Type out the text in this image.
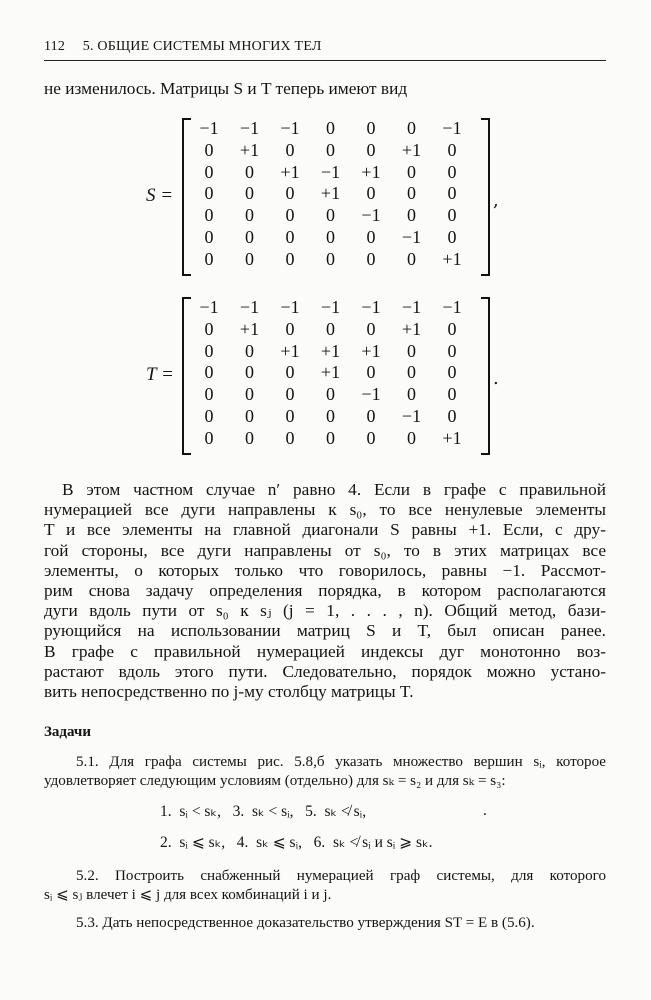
112 5. ОБЩИЕ СИСТЕМЫ МНОГИХ ТЕЛ
не изменилось. Матрицы S и T теперь имеют вид
S =
−1	−1	−1	0	0	0	−1
0	+1	0	0	0	+1	0
0	0	+1	−1	+1	0	0
0	0	0	+1	0	0	0
0	0	0	0	−1	0	0
0	0	0	0	0	−1	0
0	0	0	0	0	0	+1
,
T =
−1	−1	−1	−1	−1	−1	−1
0	+1	0	0	0	+1	0
0	0	+1	+1	+1	0	0
0	0	0	+1	0	0	0
0	0	0	0	−1	0	0
0	0	0	0	0	−1	0
0	0	0	0	0	0	+1
.
В этом частном случае n′ равно 4. Если в графе с правильной
нумерацией все дуги направлены к s₀, то все ненулевые элементы
T и все элементы на главной диагонали S равны +1. Если, с дру-
гой стороны, все дуги направлены от s₀, то в этих матрицах все
элементы, о которых только что говорилось, равны −1. Рассмот-
рим снова задачу определения порядка, в котором располагаются
дуги вдоль пути от s₀ к sⱼ (j = 1, . . . , n). Общий метод, бази-
рующийся на использовании матриц S и T, был описан ранее.
В графе с правильной нумерацией индексы дуг монотонно воз-
растают вдоль этого пути. Следовательно, порядок можно устано-
вить непосредственно по j-му столбцу матрицы T.
Задачи
5.1. Для графа системы рис. 5.8,б указать множество вершин sᵢ, которое
удовлетворяет следующим условиям (отдельно) для sₖ = s₂ и для sₖ = s₃:
1.  sᵢ < sₖ,   3.  sₖ < sᵢ,   5.  sₖ ≮ sᵢ,	.
2.  sᵢ ⩽ sₖ,   4.  sₖ ⩽ sᵢ,   6.  sₖ ≮ sᵢ и sᵢ ⩾ sₖ.
5.2. Построить снабженный нумерацией граф системы, для которого
sᵢ ⩽ sⱼ влечет i ⩽ j для всех комбинаций i и j.
5.3. Дать непосредственное доказательство утверждения ST = E в (5.6).
